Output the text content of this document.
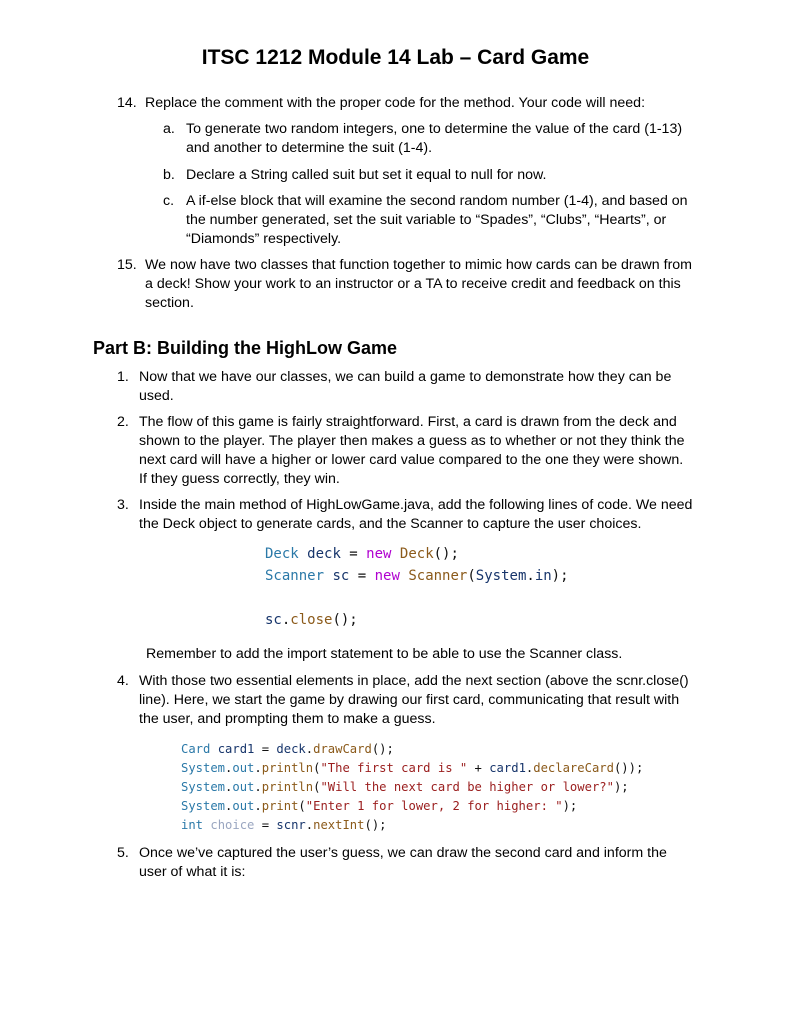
ITSC 1212 Module 14 Lab – Card Game
14. Replace the comment with the proper code for the method. Your code will need:
a. To generate two random integers, one to determine the value of the card (1-13)
and another to determine the suit (1-4).
b. Declare a String called suit but set it equal to null for now.
c. A if-else block that will examine the second random number (1-4), and based on
the number generated, set the suit variable to “Spades”, “Clubs”, “Hearts”, or
“Diamonds” respectively.
15. We now have two classes that function together to mimic how cards can be drawn from
a deck! Show your work to an instructor or a TA to receive credit and feedback on this
section.
Part B: Building the HighLow Game
1. Now that we have our classes, we can build a game to demonstrate how they can be
used.
2. The flow of this game is fairly straightforward. First, a card is drawn from the deck and
shown to the player. The player then makes a guess as to whether or not they think the
next card will have a higher or lower card value compared to the one they were shown.
If they guess correctly, they win.
3. Inside the main method of HighLowGame.java, add the following lines of code. We need
the Deck object to generate cards, and the Scanner to capture the user choices.
Deck deck = new Deck();
Scanner sc = new Scanner(System.in);

sc.close();
Remember to add the import statement to be able to use the Scanner class.
4. With those two essential elements in place, add the next section (above the scnr.close()
line). Here, we start the game by drawing our first card, communicating that result with
the user, and prompting them to make a guess.
Card card1 = deck.drawCard();
System.out.println("The first card is " + card1.declareCard());
System.out.println("Will the next card be higher or lower?");
System.out.print("Enter 1 for lower, 2 for higher: ");
int choice = scnr.nextInt();
5. Once we’ve captured the user’s guess, we can draw the second card and inform the
user of what it is:
